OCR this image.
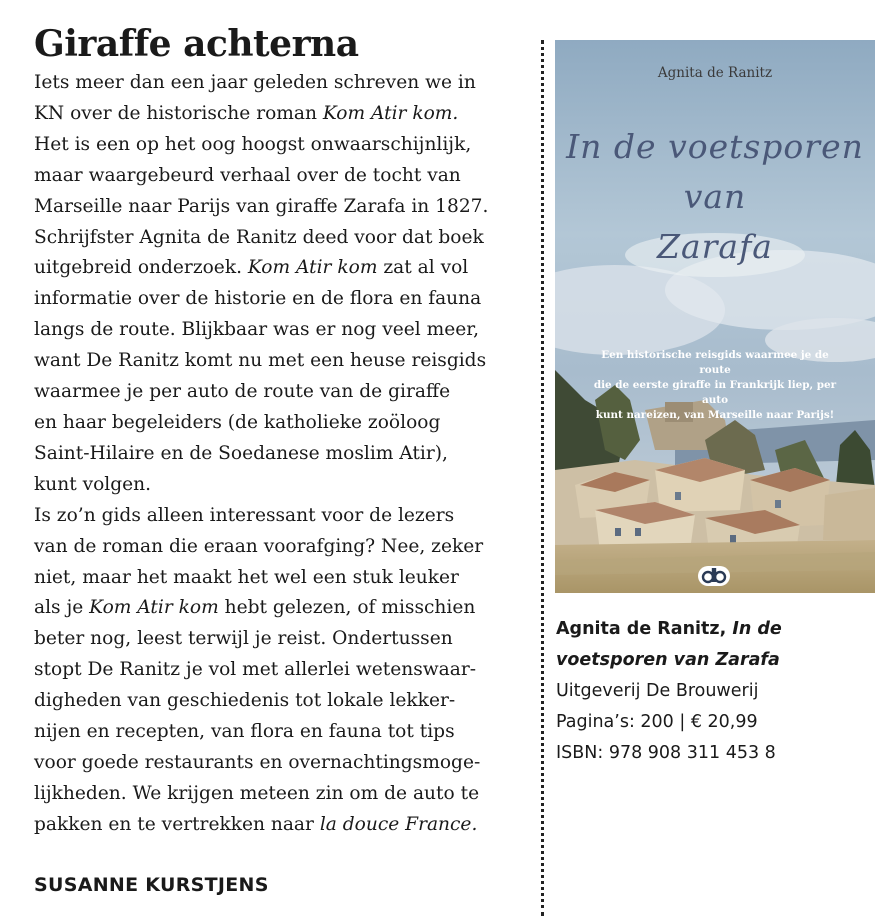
Giraffe achterna
Iets meer dan een jaar geleden schreven we in
KN over de historische roman Kom Atir kom.
Het is een op het oog hoogst onwaarschijnlijk,
maar waargebeurd verhaal over de tocht van
Marseille naar Parijs van giraffe Zarafa in 1827.
Schrijfster Agnita de Ranitz deed voor dat boek
uitgebreid onderzoek. Kom Atir kom zat al vol
informatie over de historie en de flora en fauna
langs de route. Blijkbaar was er nog veel meer,
want De Ranitz komt nu met een heuse reisgids
waarmee je per auto de route van de giraffe
en haar begeleiders (de katholieke zoöloog
Saint-Hilaire en de Soedanese moslim Atir),
kunt volgen.
Is zo’n gids alleen interessant voor de lezers
van de roman die eraan voorafging? Nee, zeker
niet, maar het maakt het wel een stuk leuker
als je Kom Atir kom hebt gelezen, of misschien
beter nog, leest terwijl je reist. Ondertussen
stopt De Ranitz je vol met allerlei wetenswaar-
digheden van geschiedenis tot lokale lekker-
nijen en recepten, van flora en fauna tot tips
voor goede restaurants en overnachtingsmoge-
lijkheden. We krijgen meteen zin om de auto te
pakken en te vertrekken naar la douce France.
SUSANNE KURSTJENS
Agnita de Ranitz
In de voetsporen
van
Zarafa
Een historische reisgids waarmee je de route
die de eerste giraffe in Frankrijk liep, per auto
kunt nareizen, van Marseille naar Parijs!
Agnita de Ranitz, In de
voetsporen van Zarafa
Uitgeverij De Brouwerij
Pagina’s: 200 | € 20,99
ISBN: 978 908 311 453 8
